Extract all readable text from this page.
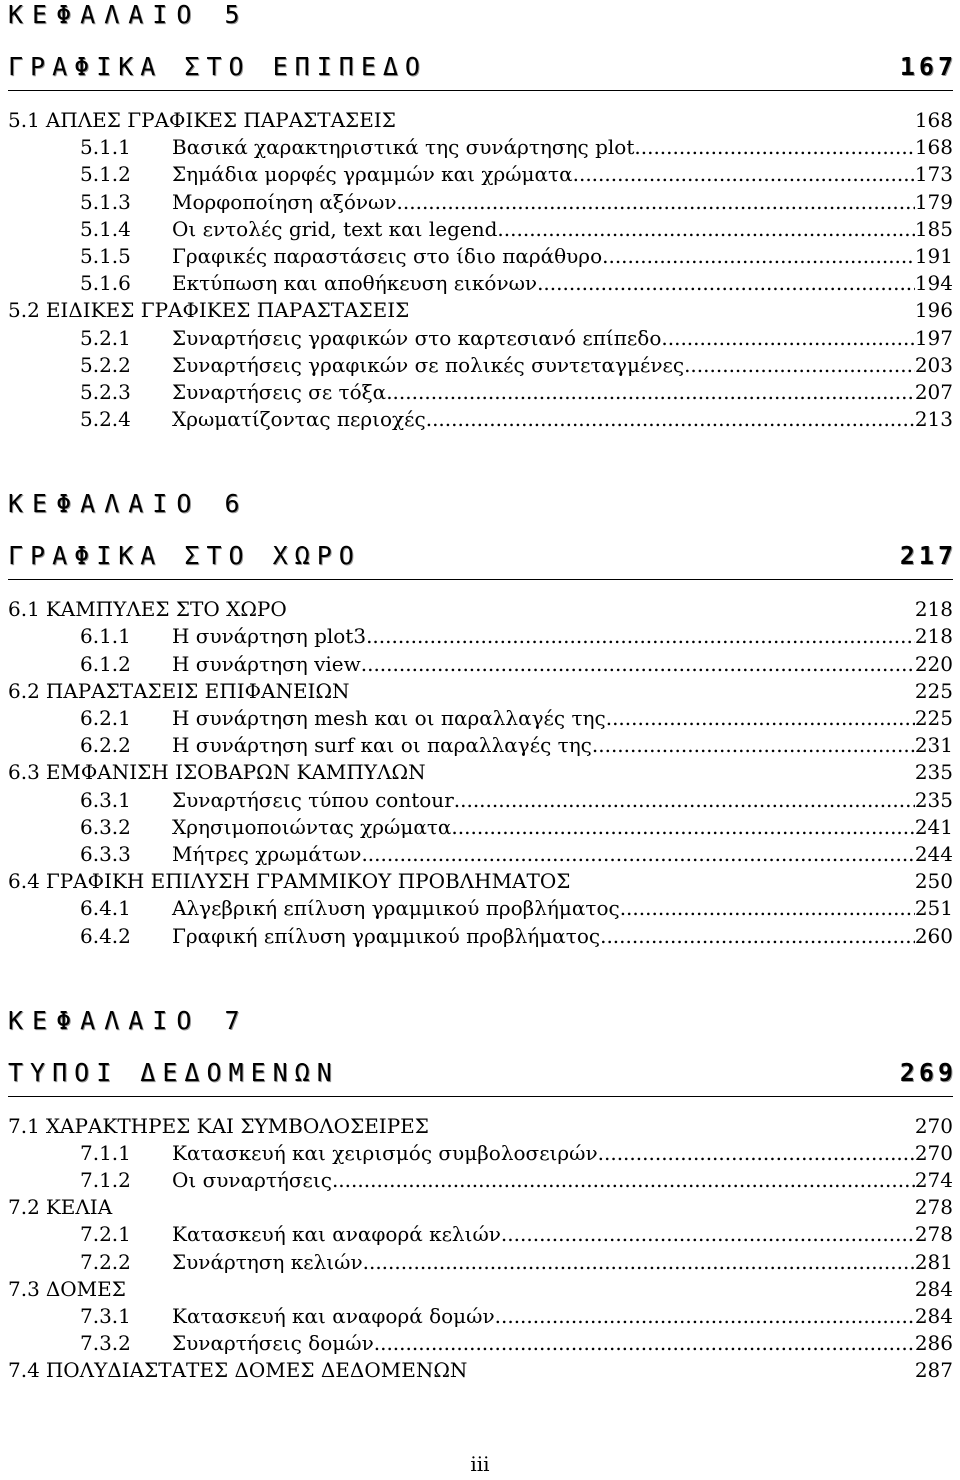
ΚΕΦΑΛΑΙΟ 5
ΓΡΑΦΙΚΑ ΣΤΟ ΕΠΙΠΕΔΟ	167
5.1 ΑΠΛΕΣ ΓΡΑΦΙΚΕΣ ΠΑΡΑΣΤΑΣΕΙΣ	168
5.1.1	Βασικά χαρακτηριστικά της συνάρτησης plot .....	168
5.1.2	Σημάδια μορφές γραμμών και χρώματα .....	173
5.1.3	Μορφοποίηση αξόνων .....	179
5.1.4	Οι εντολές grid, text και legend .....	185
5.1.5	Γραφικές παραστάσεις στο ίδιο παράθυρο .....	191
5.1.6	Εκτύπωση και αποθήκευση εικόνων .....	194
5.2 ΕΙΔΙΚΕΣ ΓΡΑΦΙΚΕΣ ΠΑΡΑΣΤΑΣΕΙΣ	196
5.2.1	Συναρτήσεις γραφικών στο καρτεσιανό επίπεδο .....	197
5.2.2	Συναρτήσεις γραφικών σε πολικές συντεταγμένες .....	203
5.2.3	Συναρτήσεις σε τόξα .....	207
5.2.4	Χρωματίζοντας περιοχές .....	213
ΚΕΦΑΛΑΙΟ 6
ΓΡΑΦΙΚΑ ΣΤΟ ΧΩΡΟ	217
6.1 ΚΑΜΠΥΛΕΣ ΣΤΟ ΧΩΡΟ	218
6.1.1	Η συνάρτηση plot3 .....	218
6.1.2	Η συνάρτηση view .....	220
6.2 ΠΑΡΑΣΤΑΣΕΙΣ ΕΠΙΦΑΝΕΙΩΝ	225
6.2.1	Η συνάρτηση mesh και οι παραλλαγές της .....	225
6.2.2	Η συνάρτηση surf και οι παραλλαγές της .....	231
6.3 ΕΜΦΑΝΙΣΗ ΙΣΟΒΑΡΩΝ ΚΑΜΠΥΛΩΝ	235
6.3.1	Συναρτήσεις τύπου contour .....	235
6.3.2	Χρησιμοποιώντας χρώματα .....	241
6.3.3	Μήτρες χρωμάτων .....	244
6.4 ΓΡΑΦΙΚΗ ΕΠΙΛΥΣΗ ΓΡΑΜΜΙΚΟΥ ΠΡΟΒΛΗΜΑΤΟΣ	250
6.4.1	Αλγεβρική επίλυση γραμμικού προβλήματος .....	251
6.4.2	Γραφική επίλυση γραμμικού προβλήματος .....	260
ΚΕΦΑΛΑΙΟ 7
ΤΥΠΟΙ ΔΕΔΟΜΕΝΩΝ	269
7.1 ΧΑΡΑΚΤΗΡΕΣ ΚΑΙ ΣΥΜΒΟΛΟΣΕΙΡΕΣ	270
7.1.1	Κατασκευή και χειρισμός συμβολοσειρών .....	270
7.1.2	Οι συναρτήσεις .....	274
7.2 ΚΕΛΙΑ	278
7.2.1	Κατασκευή και αναφορά κελιών .....	278
7.2.2	Συνάρτηση κελιών .....	281
7.3 ΔΟΜΕΣ	284
7.3.1	Κατασκευή και αναφορά δομών .....	284
7.3.2	Συναρτήσεις δομών .....	286
7.4 ΠΟΛΥΔΙΑΣΤΑΤΕΣ ΔΟΜΕΣ ΔΕΔΟΜΕΝΩΝ	287
iii
